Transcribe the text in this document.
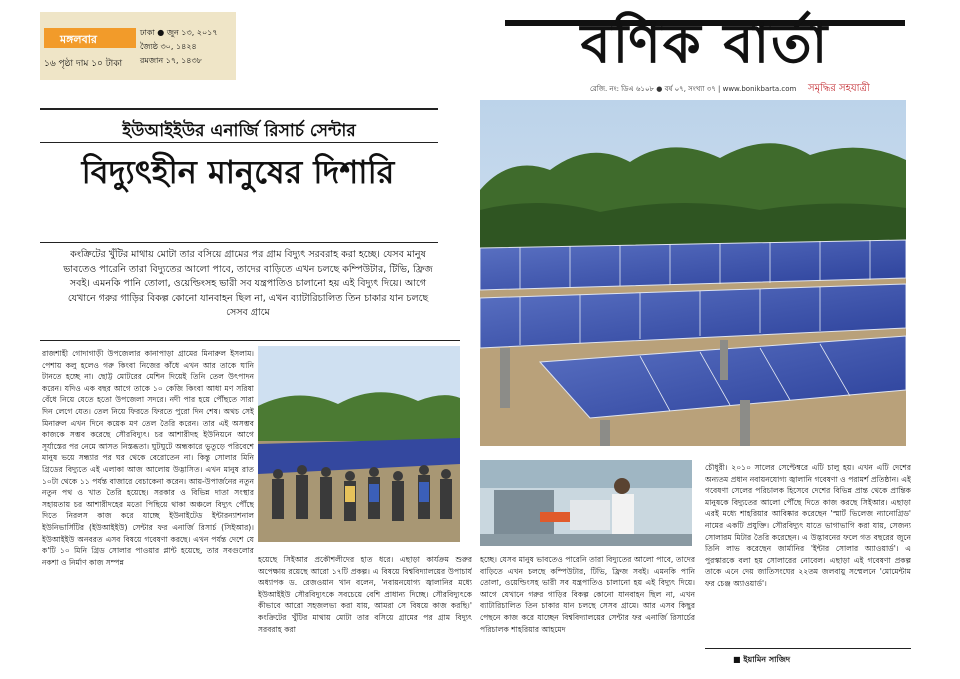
মঙ্গলবার
ঢাকা ● জুন ১৩, ২০১৭
জ্যৈষ্ঠ ৩০, ১৪২৪
রমজান ১৭, ১৪৩৮
১৬ পৃষ্ঠা দাম ১০ টাকা	বণিক বার্তা
রেজি. নং: ডিএ ৬১০৮ ● বর্ষ ০৭, সংখ্যা ৩৭ | www.bonikbarta.com সমৃদ্ধির সহযাত্রী
ইউআইইউর এনার্জি রিসার্চ সেন্টার
বিদ্যুৎহীন মানুষের দিশারি
কংক্রিটের খুঁটির মাথায় মোটা তার বসিয়ে গ্রামের পর গ্রাম বিদ্যুৎ সরবরাহ করা হচ্ছে। যেসব মানুষ ভাবতেও পারেনি তারা বিদ্যুতের আলো পাবে, তাদের বাড়িতে এখন চলছে কম্পিউটার, টিভি, ফ্রিজ সবই। এমনকি পানি তোলা, ওয়েল্ডিংসহ ভারী সব যন্ত্রপাতিও চালানো হয় এই বিদ্যুৎ দিয়ে। আগে যেখানে গরুর গাড়ির বিকল্প কোনো যানবাহন ছিল না, এখন ব্যাটারিচালিত তিন চাকার যান চলছে সেসব গ্রামে
রাজশাহী গোদাগাড়ী উপজেলার কানাপাড়া গ্রামের মিনারুল ইসলাম। পেশায় কলু হলেও গরু কিংবা নিজের কাঁধে এখন আর তাকে ঘানি টানতে হচ্ছে না। ছোট্ট মোটরের মেশিন দিয়েই তিনি তেল উৎপাদন করেন। যদিও এক বছর আগে তাকে ১০ কেজি কিংবা আধা মণ সরিষা বেঁধে নিয়ে যেতে হতো উপজেলা সদরে। নদী পার হয়ে পৌঁছতে সারা দিন লেগে যেত। তেল নিয়ে ফিরতে ফিরতে পুরো দিন শেষ। অথচ সেই মিনারুল এখন দিনে কয়েক মণ তেল তৈরি করেন। তার এই অসম্ভব কাজকে সম্ভব করেছে সৌরবিদ্যুৎ। চর আশারীদহ ইউনিয়নে আগে সূর্যাস্তের পর নেমে আসত নিস্তব্ধতা। ঘুটঘুটে অন্ধকারে ভুতুড়ে পরিবেশে মানুষ ভয়ে সন্ধ্যার পর ঘর থেকে বেরোতেন না। কিন্তু সোলার মিনি গ্রিডের বিদ্যুতে এই এলাকা আজ আলোয় উদ্ভাসিত। এখন মানুষ রাত ১০টা থেকে ১১ পর্যন্ত বাজারে বেচাকেনা করেন। আয়-উপার্জনের নতুন নতুন পথ ও খাত তৈরি হয়েছে। সরকার ও বিভিন্ন দাতা সংস্থার সহায়তায় চর আশারীদহের মতো পিছিয়ে থাকা অঞ্চলে বিদ্যুৎ পৌঁছে দিতে নিরলস কাজ করে যাচ্ছে ইউনাইটেড ইন্টারন্যাশনাল ইউনিভার্সিটির (ইউআইইউ) সেন্টার ফর এনার্জি রিসার্চ (সিইআর)। ইউআইইউ অনবরত এসব বিষয়ে গবেষণা করছে। এখন পর্যন্ত দেশে যে ক'টি ১০ মিনি গ্রিড সোলার পাওয়ার প্লান্ট হয়েছে, তার সবগুলোর নকশা ও নির্মাণ কাজ সম্পন্ন	হয়েছে সিইআর প্রকৌশলীদের হাত ধরে। এছাড়া কার্যক্রম শুরুর অপেক্ষায় রয়েছে আরো ১৭টি প্রকল্প। এ বিষয়ে বিশ্ববিদ্যালয়ের উপাচার্য অধ্যাপক ড. রেজওয়ান খান বলেন, 'নবায়নযোগ্য জ্বালানির মধ্যে ইউআইইউ সৌরবিদ্যুৎকে সবচেয়ে বেশি প্রাধান্য দিচ্ছে। সৌরবিদ্যুৎকে কীভাবে আরো সহজলভ্য করা যায়, আমরা সে বিষয়ে কাজ করছি।' কংক্রিটের খুঁটির মাথায় মোটা তার বসিয়ে গ্রামের পর গ্রাম বিদ্যুৎ সরবরাহ করা
হচ্ছে। যেসব মানুষ ভাবতেও পারেনি তারা বিদ্যুতের আলো পাবে, তাদের বাড়িতে এখন চলছে কম্পিউটার, টিভি, ফ্রিজ সবই। এমনকি পানি তোলা, ওয়েল্ডিংসহ ভারী সব যন্ত্রপাতিও চালানো হয় এই বিদ্যুৎ দিয়ে। আগে যেখানে গরুর গাড়ির বিকল্প কোনো যানবাহন ছিল না, এখন ব্যাটারিচালিত তিন চাকার যান চলছে সেসব গ্রামে। আর এসব কিছুর পেছনে কাজ করে যাচ্ছেন বিশ্ববিদ্যালয়ের সেন্টার ফর এনার্জি রিসার্চের পরিচালক শাহরিয়ার আহমেদ
চৌধুরী। ২০১০ সালের সেপ্টেম্বরে এটি চালু হয়। এখন এটি দেশের অন্যতম প্রধান নবায়নযোগ্য জ্বালানি গবেষণা ও পরামর্শ প্রতিষ্ঠান। এই গবেষণা সেলের পরিচালক হিসেবে দেশের বিভিন্ন প্রান্ত থেকে প্রান্তিক মানুষকে বিদ্যুতের আলো পৌঁছে দিতে কাজ করছে সিইআর। এছাড়া এরই মধ্যে শাহরিয়ার আবিষ্কার করেছেন 'স্মার্ট ভিলেজ ন্যানোগ্রিড' নামের একটি প্রযুক্তি। সৌরবিদ্যুৎ যাতে ভাগাভাগি করা যায়, সেজন্য সোলারম মিটার তৈরি করেছেন। এ উদ্ভাবনের ফলে গত বছরের জুনে তিনি লাভ করেছেন জার্মানির 'ইন্টার সোলার অ্যাওয়ার্ড'। এ পুরস্কারকে বলা হয় সোলারের নোবেল। এছাড়া এই গবেষণা প্রকল্প তাকে এনে দেয় জাতিসংঘের ২২তম জলবায়ু সম্মেলনে 'মোমেন্টাম ফর চেঞ্জ অ্যাওয়ার্ড'।
■ ইয়ামিন সাজিদ
